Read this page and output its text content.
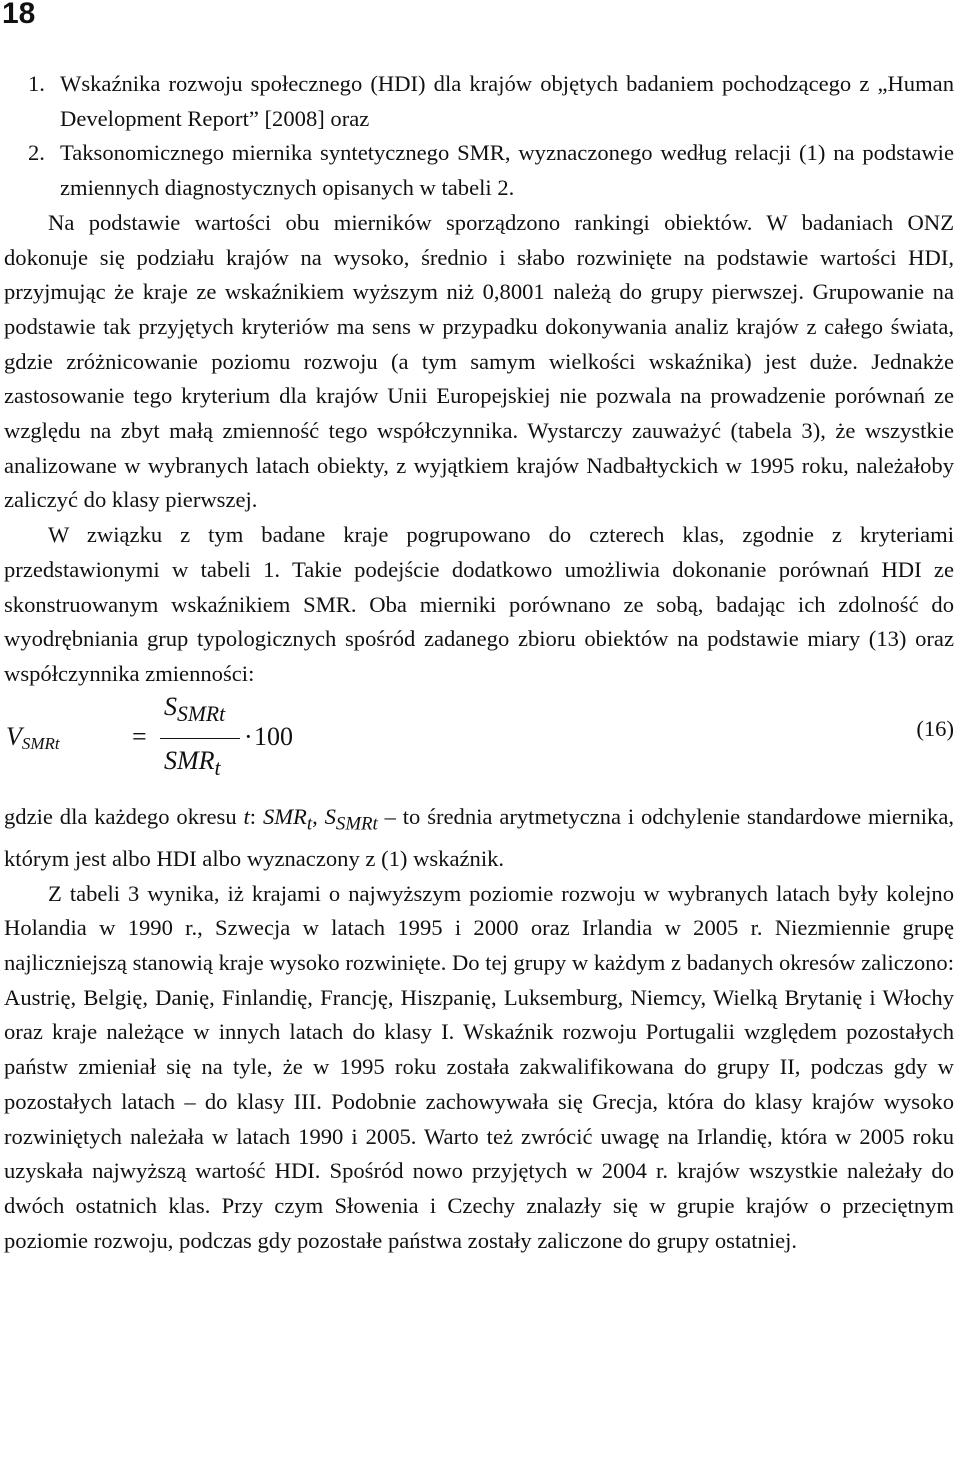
18
1. Wskaźnika rozwoju społecznego (HDI) dla krajów objętych badaniem pochodzącego z „Human Development Report” [2008] oraz
2. Taksonomicznego miernika syntetycznego SMR, wyznaczonego według relacji (1) na podstawie zmiennych diagnostycznych opisanych w tabeli 2.

Na podstawie wartości obu mierników sporządzono rankingi obiektów. W badaniach ONZ dokonuje się podziału krajów na wysoko, średnio i słabo rozwinięte na podstawie wartości HDI, przyjmując że kraje ze wskaźnikiem wyższym niż 0,8001 należą do grupy pierwszej. Grupowanie na podstawie tak przyjętych kryteriów ma sens w przypadku dokonywania analiz krajów z całego świata, gdzie zróżnicowanie poziomu rozwoju (a tym samym wielkości wskaźnika) jest duże. Jednakże zastosowanie tego kryterium dla krajów Unii Europejskiej nie pozwala na prowadzenie porównań ze względu na zbyt małą zmienność tego współczynnika. Wystarczy zauważyć (tabela 3), że wszystkie analizowane w wybranych latach obiekty, z wyjątkiem krajów Nadbałtyckich w 1995 roku, należałoby zaliczyć do klasy pierwszej.

W związku z tym badane kraje pogrupowano do czterech klas, zgodnie z kryteriami przedstawionymi w tabeli 1. Takie podejście dodatkowo umożliwia dokonanie porównań HDI ze skonstruowanym wskaźnikiem SMR. Oba mierniki porównano ze sobą, badając ich zdolność do wyodrębniania grup typologicznych spośród zadanego zbioru obiektów na podstawie miary (13) oraz współczynnika zmienności:

$V_{SMRt}$	=
$S_{SMRt}$
$SMR_t$
· 100	(16)

gdzie dla każdego okresu t: $SMR_t$, $S_{SMRt}$ – to średnia arytmetyczna i odchylenie standardowe miernika, którym jest albo HDI albo wyznaczony z (1) wskaźnik.

Z tabeli 3 wynika, iż krajami o najwyższym poziomie rozwoju w wybranych latach były kolejno Holandia w 1990 r., Szwecja w latach 1995 i 2000 oraz Irlandia w 2005 r. Niezmiennie grupę najliczniejszą stanowią kraje wysoko rozwinięte. Do tej grupy w każdym z badanych okresów zaliczono: Austrię, Belgię, Danię, Finlandię, Francję, Hiszpanię, Luksemburg, Niemcy, Wielką Brytanię i Włochy oraz kraje należące w innych latach do klasy I. Wskaźnik rozwoju Portugalii względem pozostałych państw zmieniał się na tyle, że w 1995 roku została zakwalifikowana do grupy II, podczas gdy w pozostałych latach – do klasy III. Podobnie zachowywała się Grecja, która do klasy krajów wysoko rozwiniętych należała w latach 1990 i 2005. Warto też zwrócić uwagę na Irlandię, która w 2005 roku uzyskała najwyższą wartość HDI. Spośród nowo przyjętych w 2004 r. krajów wszystkie należały do dwóch ostatnich klas. Przy czym Słowenia i Czechy znalazły się w grupie krajów o przeciętnym poziomie rozwoju, podczas gdy pozostałe państwa zostały zaliczone do grupy ostatniej.
